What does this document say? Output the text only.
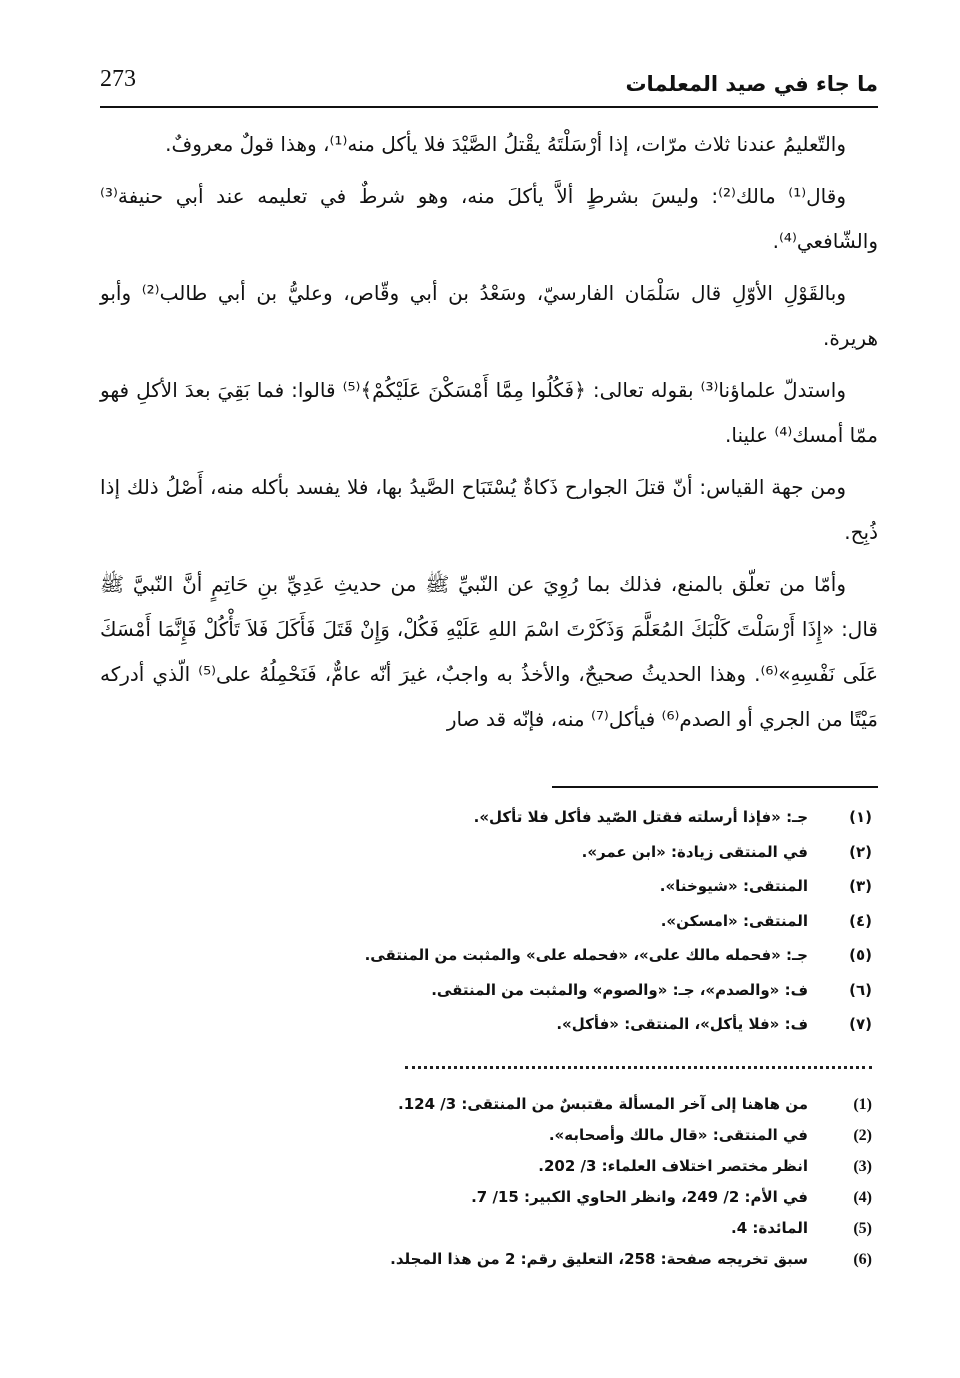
273	ما جاء في صيد المعلمات

والتّعليمُ عندنا ثلاث مرّات، إذا أرْسَلْتَهُ يقْتلُ الصَّيْدَ فلا يأكل منه⁽¹⁾، وهذا قولٌ معروفٌ.

وقال⁽¹⁾ مالك⁽²⁾: وليسَ بشرطٍ ألاَّ يأكلَ منه، وهو شرطٌ في تعليمه عند أبي حنيفة⁽³⁾ والشّافعي⁽⁴⁾.

وبالقَوْلِ الأوّلِ قال سَلْمَان الفارسيّ، وسَعْدُ بن أبي وقّاص، وعليُّ بن أبي طالب⁽²⁾ وأبو هريرة.

واستدلّ علماؤنا⁽³⁾ بقوله تعالى: ﴿فَكُلُوا مِمَّا أَمْسَكْنَ عَلَيْكُمْ﴾⁽⁵⁾ قالوا: فما بَقِيَ بعدَ الأكلِ فهو ممّا أمسك⁽⁴⁾ علينا.

ومن جهة القياس: أنّ قتلَ الجوارح ذَكاةٌ يُسْتَبَاح الصَّيدُ بها، فلا يفسد بأكله منه، أَصْلُ ذلك إذا ذُبِح.

وأمّا من تعلّق بالمنع، فذلك بما رُوِيَ عن النّبيِّ ﷺ من حديثِ عَدِيِّ بنِ حَاتِمٍ أنَّ النّبيَّ ﷺ قال: «إِذَا أَرْسَلْتَ كَلْبَكَ المُعَلَّمَ وَذَكَرْتَ اسْمَ اللهِ عَلَيْهِ فَكُلْ، وَإِنْ قَتَلَ فَأَكَلَ فَلاَ تَأْكُلْ فَإِنَّمَا أَمْسَكَ عَلَى نَفْسِهِ»⁽⁶⁾. وهذا الحديثُ صحيحٌ، والأخذُ به واجبٌ، غيرَ أنّه عامٌّ، فَنَحْمِلُهُ على⁽⁵⁾ الّذي أدركه مَيْتًا من الجري أو الصدم⁽⁶⁾ فيأكل⁽⁷⁾ منه، فإنّه قد صار

(١)
جـ: «فإذا أرسلته فقتل الصّيد فأكل فلا تأكل».
(٢)
في المنتقى زيادة: «ابن عمر».
(٣)
المنتقى: «شيوخنا».
(٤)
المنتقى: «امسكن».
(٥)
جـ: «فحمله مالك على»، «فحمله على» والمثبت من المنتقى.
(٦)
ف: «والصدم»، جـ: «والصوم» والمثبت من المنتقى.
(٧)
ف: «فلا يأكل»، المنتقى: «فأكل».
(1)
من هاهنا إلى آخر المسألة مقتبسٌ من المنتقى: 3/ 124.
(2)
في المنتقى: «قال مالك وأصحابه».
(3)
انظر مختصر اختلاف العلماء: 3/ 202.
(4)
في الأم: 2/ 249، وانظر الحاوي الكبير: 15/ 7.
(5)
المائدة: 4.
(6)
سبق تخريجه صفحة: 258، التعليق رقم: 2 من هذا المجلد.
